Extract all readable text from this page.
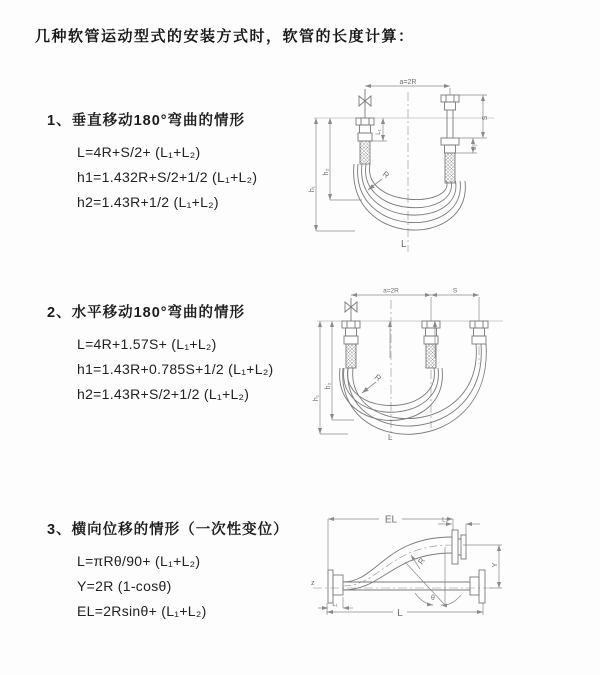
几种软管运动型式的安装方式时，软管的长度计算：
1、垂直移动180°弯曲的情形
L=4R+S/2+ (L₁+L₂)
h1=1.432R+S/2+1/2 (L₁+L₂)
h2=1.43R+1/2 (L₁+L₂)
2、水平移动180°弯曲的情形
L=4R+1.57S+ (L₁+L₂)
h1=1.43R+0.785S+1/2 (L₁+L₂)
h2=1.43R+S/2+1/2 (L₁+L₂)
3、横向位移的情形（一次性变位）
L=πRθ/90+ (L₁+L₂)
Y=2R (1-cosθ)
EL=2Rsinθ+ (L₁+L₂)
a=2R
h₁
h₂
L₁
S
L₂
R
L
a=2R	S
h₁
h₂
R
L
EL	L₂
Y
R
θ
L
L₁
z
